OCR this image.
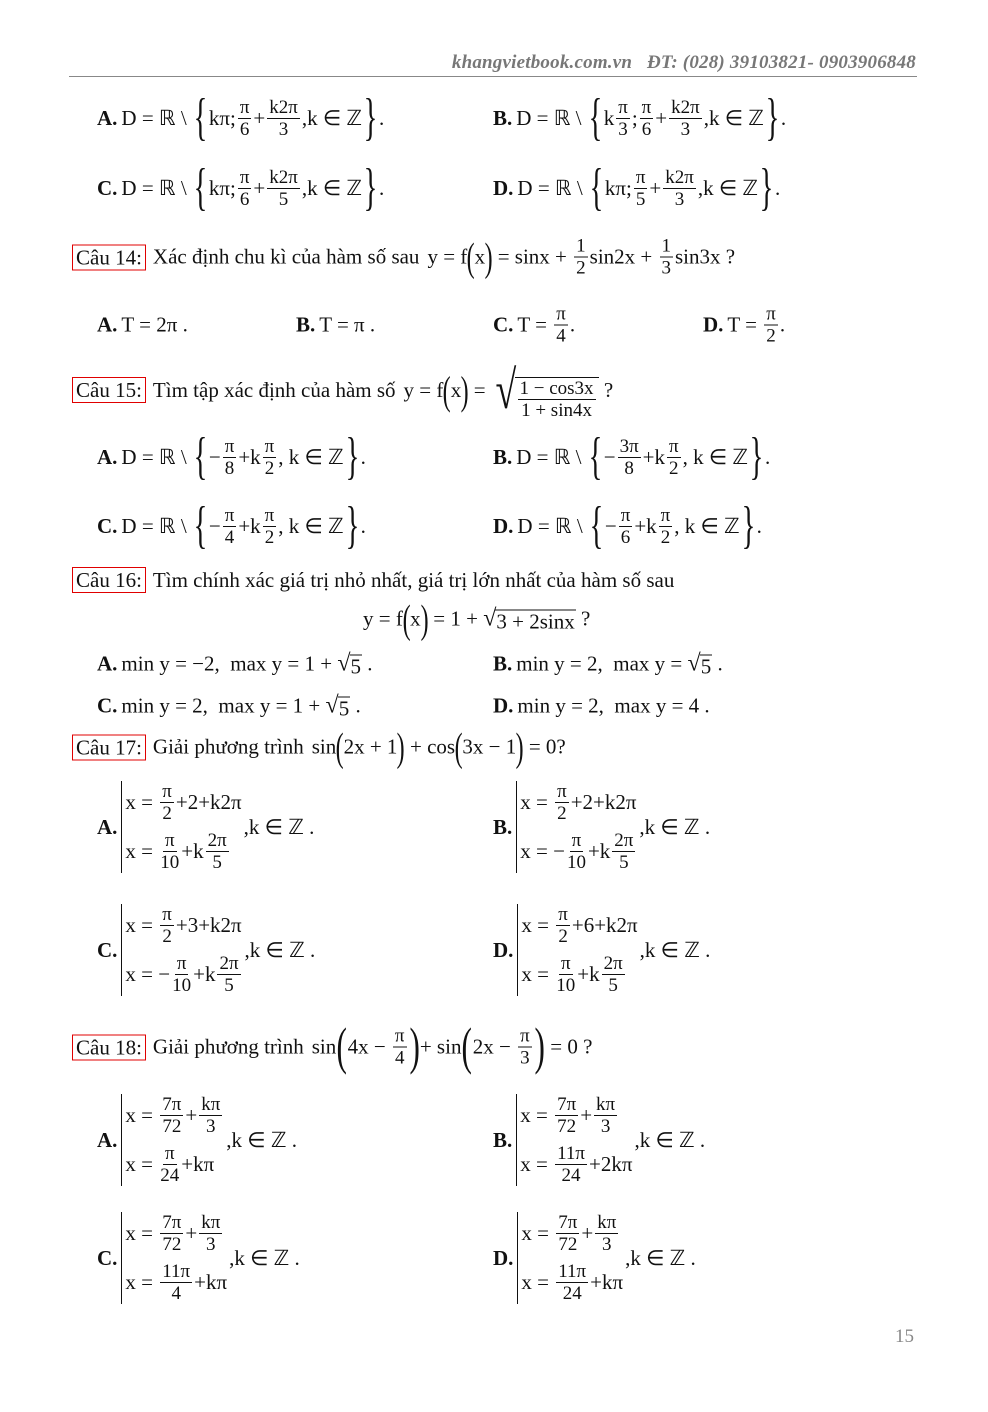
khangvietbook.com.vn ĐT: (028) 39103821- 0903906848
A. D = ℝ \ { kπ; $\frac{\pi}{6} + \frac{k2\pi}{3} ,k$ ∈ ℤ } .	B. D = ℝ \ { k $\frac{\pi}{3}$ ; $\frac{\pi}{6} + \frac{k2\pi}{3} ,k$ ∈ ℤ } .
C. D = ℝ \ { kπ; $\frac{\pi}{6} + \frac{k2\pi}{5} ,k$ ∈ ℤ } .	D. D = ℝ \ { kπ; $\frac{\pi}{5} + \frac{k2\pi}{3} ,k$ ∈ ℤ } .
Câu 14: Xác định chu kì của hàm số sau y = f ( x ) = $\sin x + \frac{1}{2} \sin 2x + \frac{1}{3} \sin 3x$ ?
A. T = 2π .	B. T = π .	C. $T = \frac{\pi}{4}$ .	D. $T = \frac{\pi}{2}$ .
Câu 15: Tìm tập xác định của hàm số y = f ( x ) = √ $\frac{1 - \cos 3x}{1 + \sin 4x}$ ?
A. D = ℝ \ { − $\frac{\pi}{8} +k \frac{\pi}{2}$ , k ∈ ℤ } .	B. D = ℝ \ { − $\frac{3\pi}{8} +k \frac{\pi}{2}$ , k ∈ ℤ } .
C. D = ℝ \ { − $\frac{\pi}{4} +k \frac{\pi}{2}$ , k ∈ ℤ } .	D. D = ℝ \ { − $\frac{\pi}{6} +k \frac{\pi}{2}$ , k ∈ ℤ } .
Câu 16: Tìm chính xác giá trị nhỏ nhất, giá trị lớn nhất của hàm số sau
y = f ( x ) = 1 + √ 3 + 2sinx ?
A. min y = −2,  max y = 1 + √ 5 .	B. min y = 2,  max y = √ 5 .
C. min y = 2,  max y = 1 + √ 5 .	D. min y = 2,  max y = 4 .
Câu 17: Giải phương trình sin ( 2x + 1 ) + cos ( 3x − 1 ) = 0?
A.
$x = \frac{\pi}{2} +2+k2\pi$
$x = \frac{\pi}{10} +k \frac{2\pi}{5}$
,k ∈ ℤ .	B.
$x = \frac{\pi}{2} +2+k2\pi$
x = − $\frac{\pi}{10} +k \frac{2\pi}{5}$
,k ∈ ℤ .
C.
$x = \frac{\pi}{2} +3+k2\pi$
x = − $\frac{\pi}{10} +k \frac{2\pi}{5}$
,k ∈ ℤ .	D.
$x = \frac{\pi}{2} +6+k2\pi$
$x = \frac{\pi}{10} +k \frac{2\pi}{5}$
,k ∈ ℤ .
Câu 18: Giải phương trình sin ( $4x - \frac{\pi}{4}$ ) + sin ( $2x - \frac{\pi}{3}$ ) = 0 ?
A.
$x = \frac{7\pi}{72} + \frac{k\pi}{3}$
$x = \frac{\pi}{24} +k\pi$
,k ∈ ℤ .	B.
$x = \frac{7\pi}{72} + \frac{k\pi}{3}$
$x = \frac{11\pi}{24} +2k\pi$
,k ∈ ℤ .
C.
$x = \frac{7\pi}{72} + \frac{k\pi}{3}$
$x = \frac{11\pi}{4} +k\pi$
,k ∈ ℤ .	D.
$x = \frac{7\pi}{72} + \frac{k\pi}{3}$
$x = \frac{11\pi}{24} +k\pi$
,k ∈ ℤ .
15
